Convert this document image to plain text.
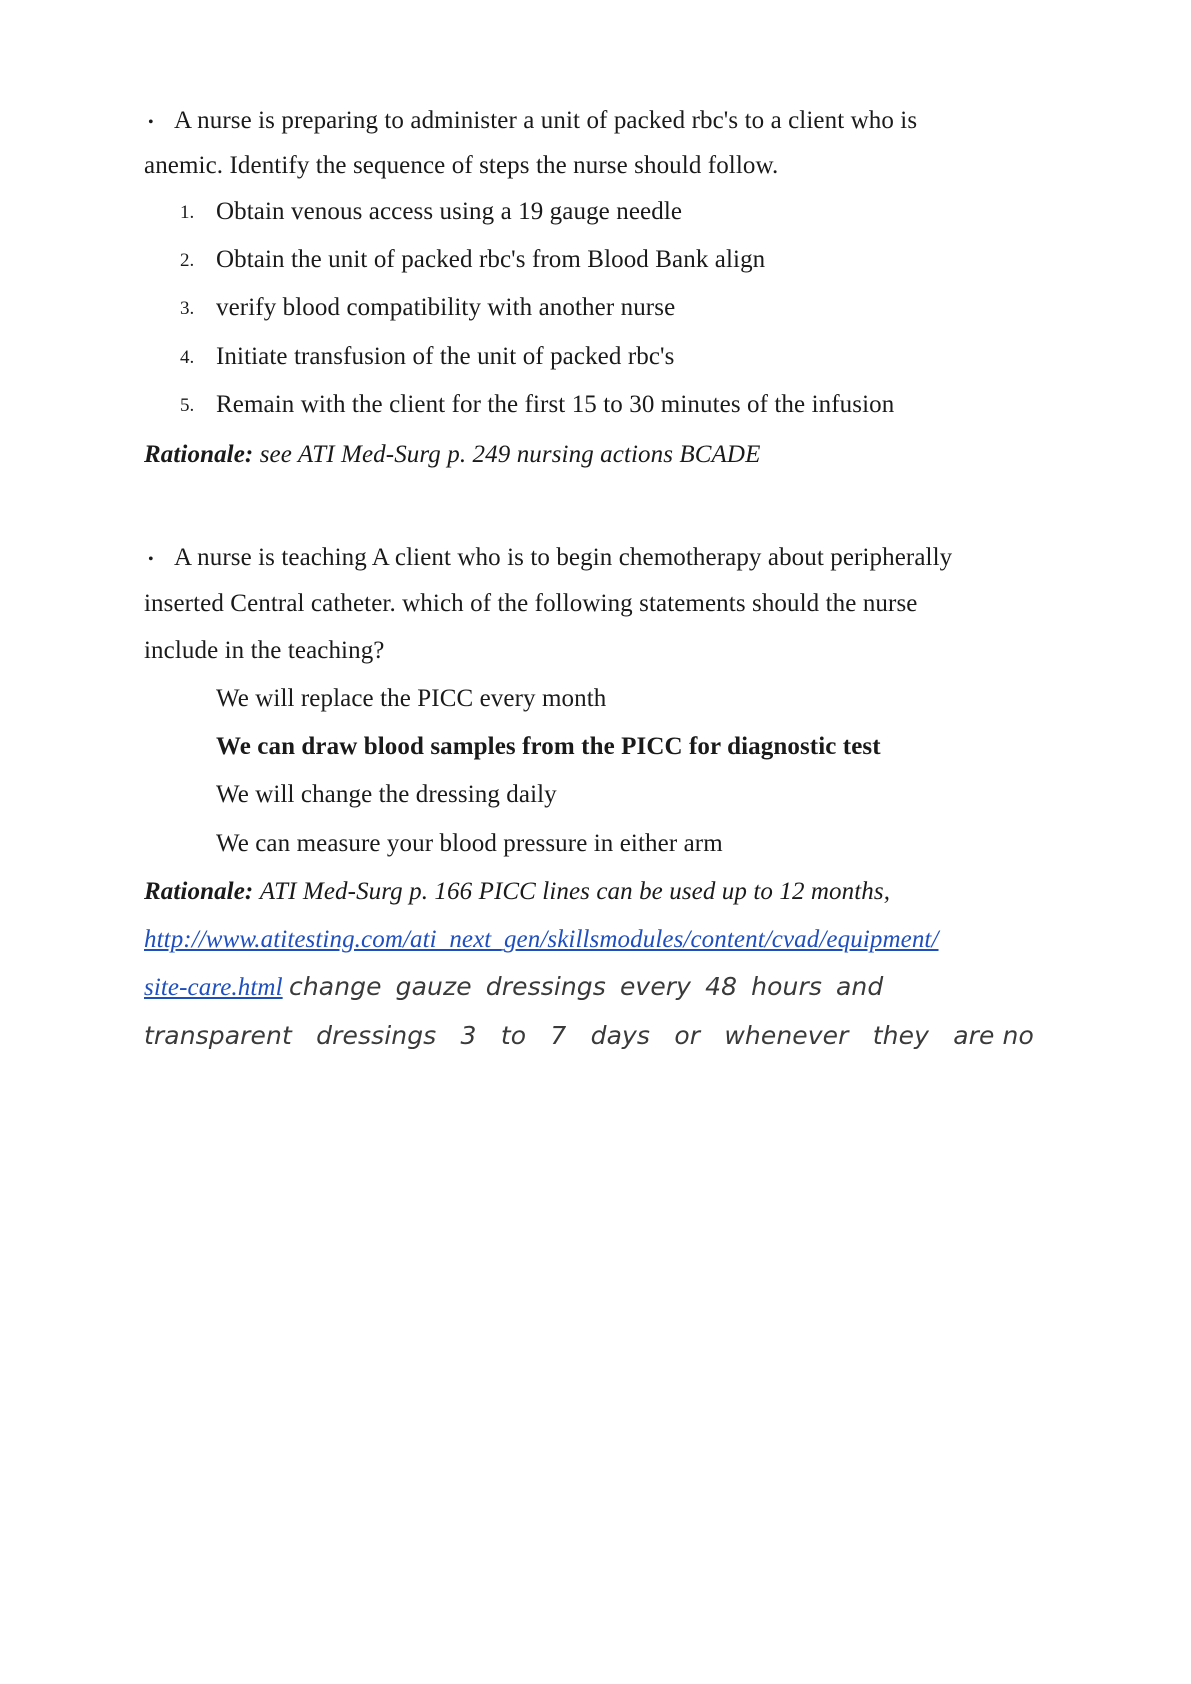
• A nurse is preparing to administer a unit of packed rbc's to a client who is
anemic. Identify the sequence of steps the nurse should follow.
1. Obtain venous access using a 19 gauge needle
2. Obtain the unit of packed rbc's from Blood Bank align
3. verify blood compatibility with another nurse
4. Initiate transfusion of the unit of packed rbc's
5. Remain with the client for the first 15 to 30 minutes of the infusion
Rationale: see ATI Med-Surg p. 249 nursing actions BCADE
• A nurse is teaching A client who is to begin chemotherapy about peripherally
inserted Central catheter. which of the following statements should the nurse
include in the teaching?
We will replace the PICC every month
We can draw blood samples from the PICC for diagnostic test
We will change the dressing daily
We can measure your blood pressure in either arm
Rationale: ATI Med-Surg p. 166 PICC lines can be used up to 12 months,
http://www.atitesting.com/ati_next_gen/skillsmodules/content/cvad/equipment/
site-care.html change gauze dressings every 48 hours and
transparent dressings 3 to 7 days or whenever they are no
